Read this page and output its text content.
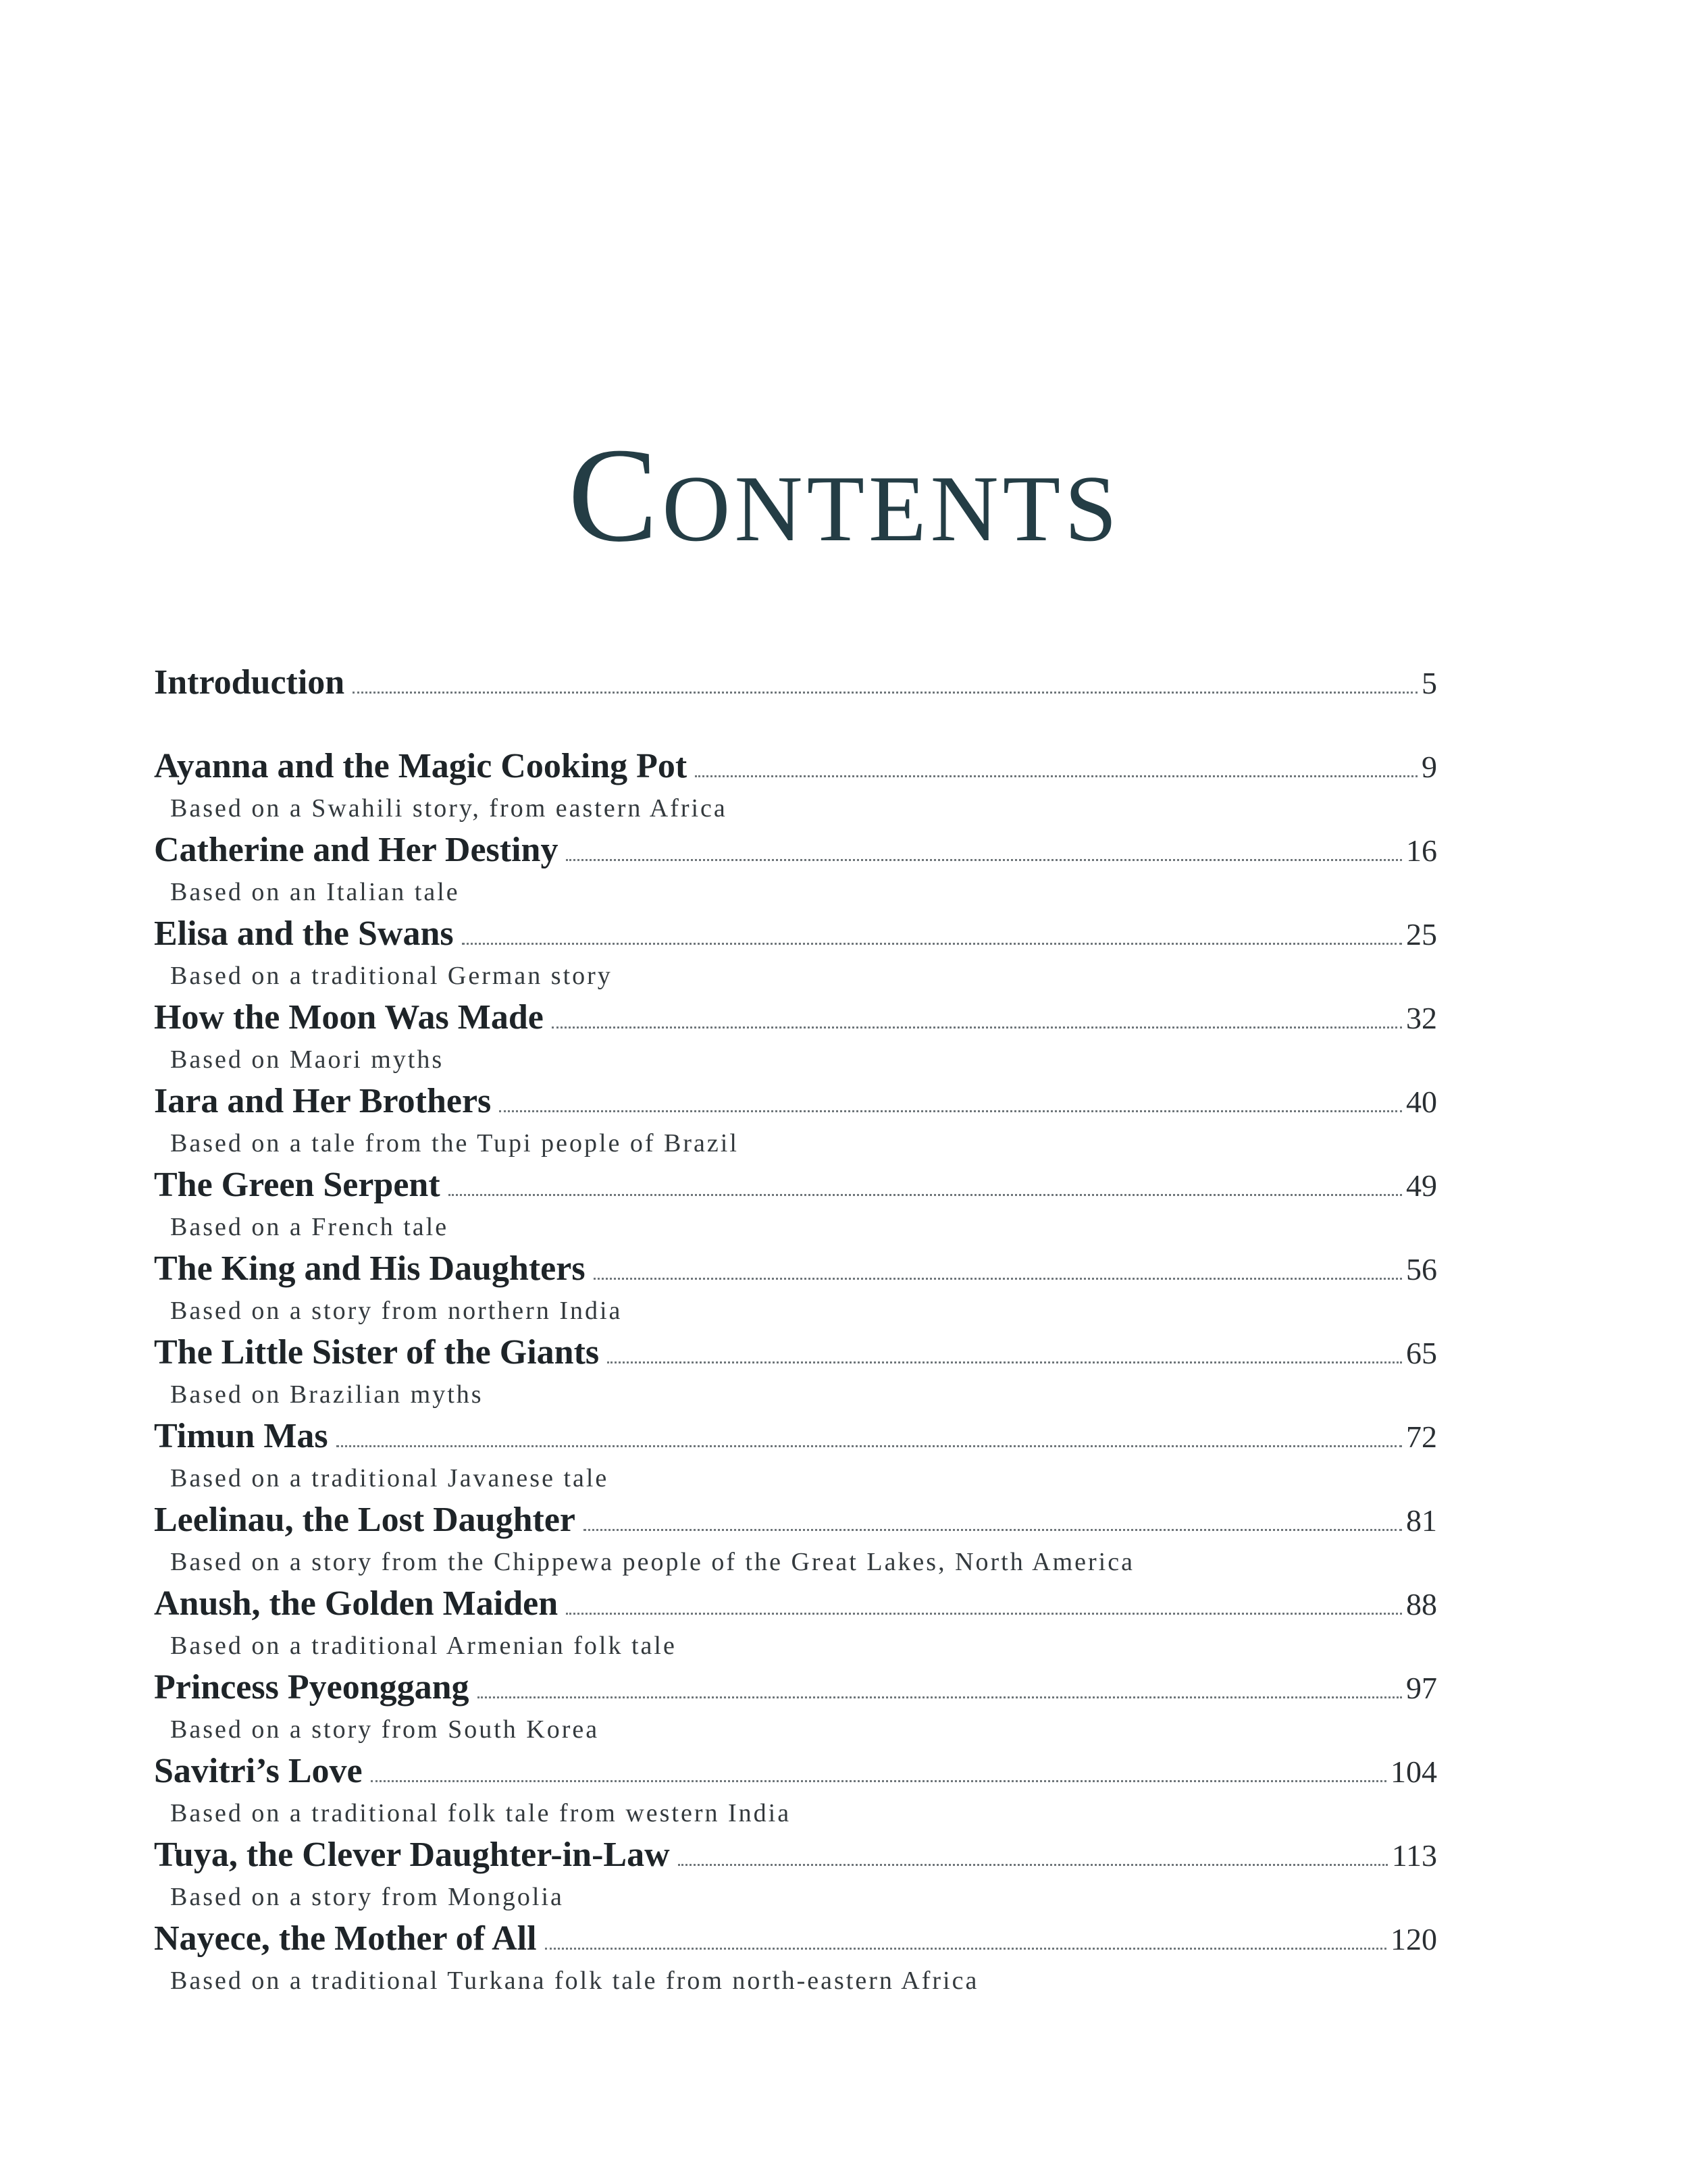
Contents
Introduction	5
Ayanna and the Magic Cooking Pot	9
Based on a Swahili story, from eastern Africa
Catherine and Her Destiny	16
Based on an Italian tale
Elisa and the Swans	25
Based on a traditional German story
How the Moon Was Made	32
Based on Maori myths
Iara and Her Brothers	40
Based on a tale from the Tupi people of Brazil
The Green Serpent	49
Based on a French tale
The King and His Daughters	56
Based on a story from northern India
The Little Sister of the Giants	65
Based on Brazilian myths
Timun Mas	72
Based on a traditional Javanese tale
Leelinau, the Lost Daughter	81
Based on a story from the Chippewa people of the Great Lakes, North America
Anush, the Golden Maiden	88
Based on a traditional Armenian folk tale
Princess Pyeonggang	97
Based on a story from South Korea
Savitri’s Love	104
Based on a traditional folk tale from western India
Tuya, the Clever Daughter-in-Law	113
Based on a story from Mongolia
Nayece, the Mother of All	120
Based on a traditional Turkana folk tale from north-eastern Africa
